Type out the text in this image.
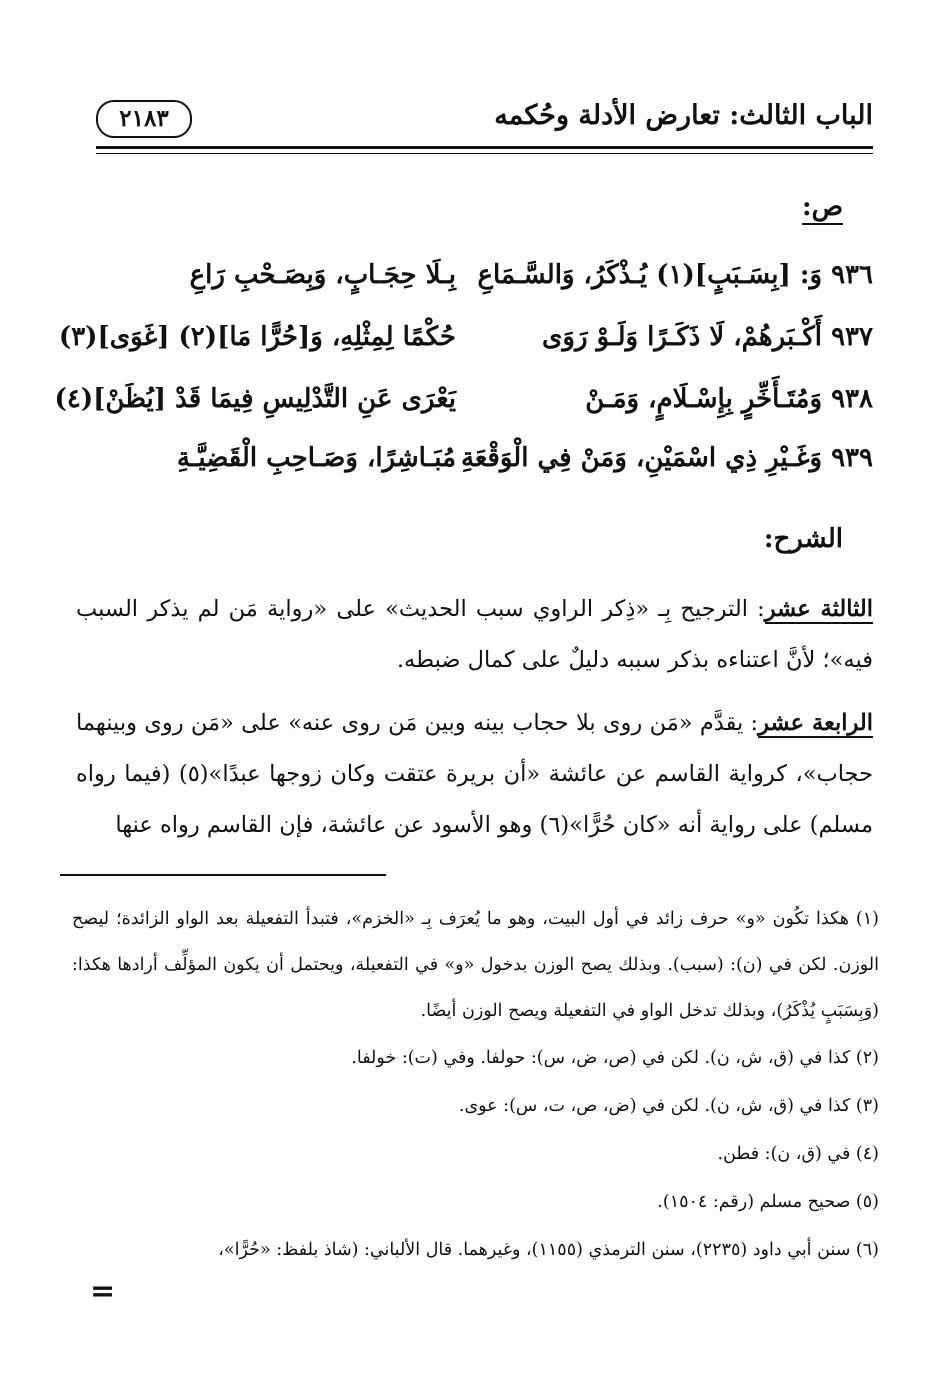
الباب الثالث: تعارض الأدلة وحُكمه
٢١٨٣
ص:
٩٣٦ وَ: [بِسَـبَبٍ](١) يُـذْكَرُ، وَالسَّـمَاعِ
بِـلَا حِجَـابٍ، وَبِصَـحْبِ رَاعِ
٩٣٧ أَكْـبَرهُمْ، لَا ذَكَـرًا وَلَـوْ رَوَى
حُكْمًا لِمِثْلِهِ، وَ[حُرًّا مَا](٢) [غَوَى](٣)
٩٣٨ وَمُتَـأَخِّرٍ بِإِسْـلَامٍ، وَمَـنْ
يَعْرَى عَنِ التَّدْلِيسِ فِيمَا قَدْ [يُظَنْ](٤)
٩٣٩ وَغَـيْرِ ذِي اسْمَيْنِ، وَمَنْ فِي الْوَقْعَةِ
مُبَـاشِرًا، وَصَـاحِبِ الْقَضِيَّـةِ
الشرح:

الثالثة عشر: الترجيح بِـ «ذِكر الراوي سبب الحديث» على «رواية مَن لم يذكر السبب فيه»؛ لأنَّ اعتناءه بذكر سببه دليلٌ على كمال ضبطه.

الرابعة عشر: يقدَّم «مَن روى بلا حجاب بينه وبين مَن روى عنه» على «مَن روى وبينهما حجاب»، كرواية القاسم عن عائشة «أن بريرة عتقت وكان زوجها عبدًا»(٥) (فيما رواه مسلم) على رواية أنه «كان حُرًّا»(٦) وهو الأسود عن عائشة، فإن القاسم رواه عنها

(١) هكذا تكُون «و» حرف زائد في أول البيت، وهو ما يُعرَف بِـ «الخزم»، فتبدأ التفعيلة بعد الواو الزائدة؛ ليصح الوزن. لكن في (ن): (سبب). وبذلك يصح الوزن بدخول «و» في التفعيلة، ويحتمل أن يكون المؤلِّف أرادها هكذا: (وَبِسَبَبٍ يُذْكَرُ)، وبذلك تدخل الواو في التفعيلة ويصح الوزن أيضًا.

(٢) كذا في (ق، ش، ن). لكن في (ص، ض، س): حولفا. وفي (ت): خولفا.

(٣) كذا في (ق، ش، ن). لكن في (ض، ص، ت، س): عوى.

(٤) في (ق، ن): فطن.

(٥) صحيح مسلم (رقم: ١٥٠٤).

(٦) سنن أبي داود (٢٢٣٥)، سنن الترمذي (١١٥٥)، وغيرهما. قال الألباني: (شاذ بلفظ: «حُرًّا»،

=
